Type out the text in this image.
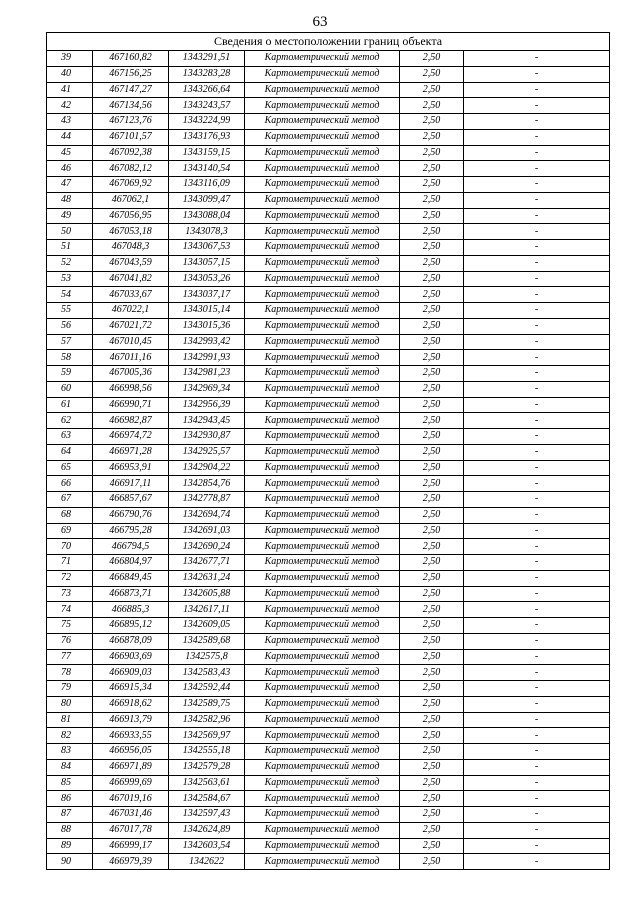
63
Сведения о местоположении границ объекта					
39	467160,82	1343291,51	Картометрический метод	2,50	-
40	467156,25	1343283,28	Картометрический метод	2,50	-
41	467147,27	1343266,64	Картометрический метод	2,50	-
42	467134,56	1343243,57	Картометрический метод	2,50	-
43	467123,76	1343224,99	Картометрический метод	2,50	-
44	467101,57	1343176,93	Картометрический метод	2,50	-
45	467092,38	1343159,15	Картометрический метод	2,50	-
46	467082,12	1343140,54	Картометрический метод	2,50	-
47	467069,92	1343116,09	Картометрический метод	2,50	-
48	467062,1	1343099,47	Картометрический метод	2,50	-
49	467056,95	1343088,04	Картометрический метод	2,50	-
50	467053,18	1343078,3	Картометрический метод	2,50	-
51	467048,3	1343067,53	Картометрический метод	2,50	-
52	467043,59	1343057,15	Картометрический метод	2,50	-
53	467041,82	1343053,26	Картометрический метод	2,50	-
54	467033,67	1343037,17	Картометрический метод	2,50	-
55	467022,1	1343015,14	Картометрический метод	2,50	-
56	467021,72	1343015,36	Картометрический метод	2,50	-
57	467010,45	1342993,42	Картометрический метод	2,50	-
58	467011,16	1342991,93	Картометрический метод	2,50	-
59	467005,36	1342981,23	Картометрический метод	2,50	-
60	466998,56	1342969,34	Картометрический метод	2,50	-
61	466990,71	1342956,39	Картометрический метод	2,50	-
62	466982,87	1342943,45	Картометрический метод	2,50	-
63	466974,72	1342930,87	Картометрический метод	2,50	-
64	466971,28	1342925,57	Картометрический метод	2,50	-
65	466953,91	1342904,22	Картометрический метод	2,50	-
66	466917,11	1342854,76	Картометрический метод	2,50	-
67	466857,67	1342778,87	Картометрический метод	2,50	-
68	466790,76	1342694,74	Картометрический метод	2,50	-
69	466795,28	1342691,03	Картометрический метод	2,50	-
70	466794,5	1342690,24	Картометрический метод	2,50	-
71	466804,97	1342677,71	Картометрический метод	2,50	-
72	466849,45	1342631,24	Картометрический метод	2,50	-
73	466873,71	1342605,88	Картометрический метод	2,50	-
74	466885,3	1342617,11	Картометрический метод	2,50	-
75	466895,12	1342609,05	Картометрический метод	2,50	-
76	466878,09	1342589,68	Картометрический метод	2,50	-
77	466903,69	1342575,8	Картометрический метод	2,50	-
78	466909,03	1342583,43	Картометрический метод	2,50	-
79	466915,34	1342592,44	Картометрический метод	2,50	-
80	466918,62	1342589,75	Картометрический метод	2,50	-
81	466913,79	1342582,96	Картометрический метод	2,50	-
82	466933,55	1342569,97	Картометрический метод	2,50	-
83	466956,05	1342555,18	Картометрический метод	2,50	-
84	466971,89	1342579,28	Картометрический метод	2,50	-
85	466999,69	1342563,61	Картометрический метод	2,50	-
86	467019,16	1342584,67	Картометрический метод	2,50	-
87	467031,46	1342597,43	Картометрический метод	2,50	-
88	467017,78	1342624,89	Картометрический метод	2,50	-
89	466999,17	1342603,54	Картометрический метод	2,50	-
90	466979,39	1342622	Картометрический метод	2,50	-
